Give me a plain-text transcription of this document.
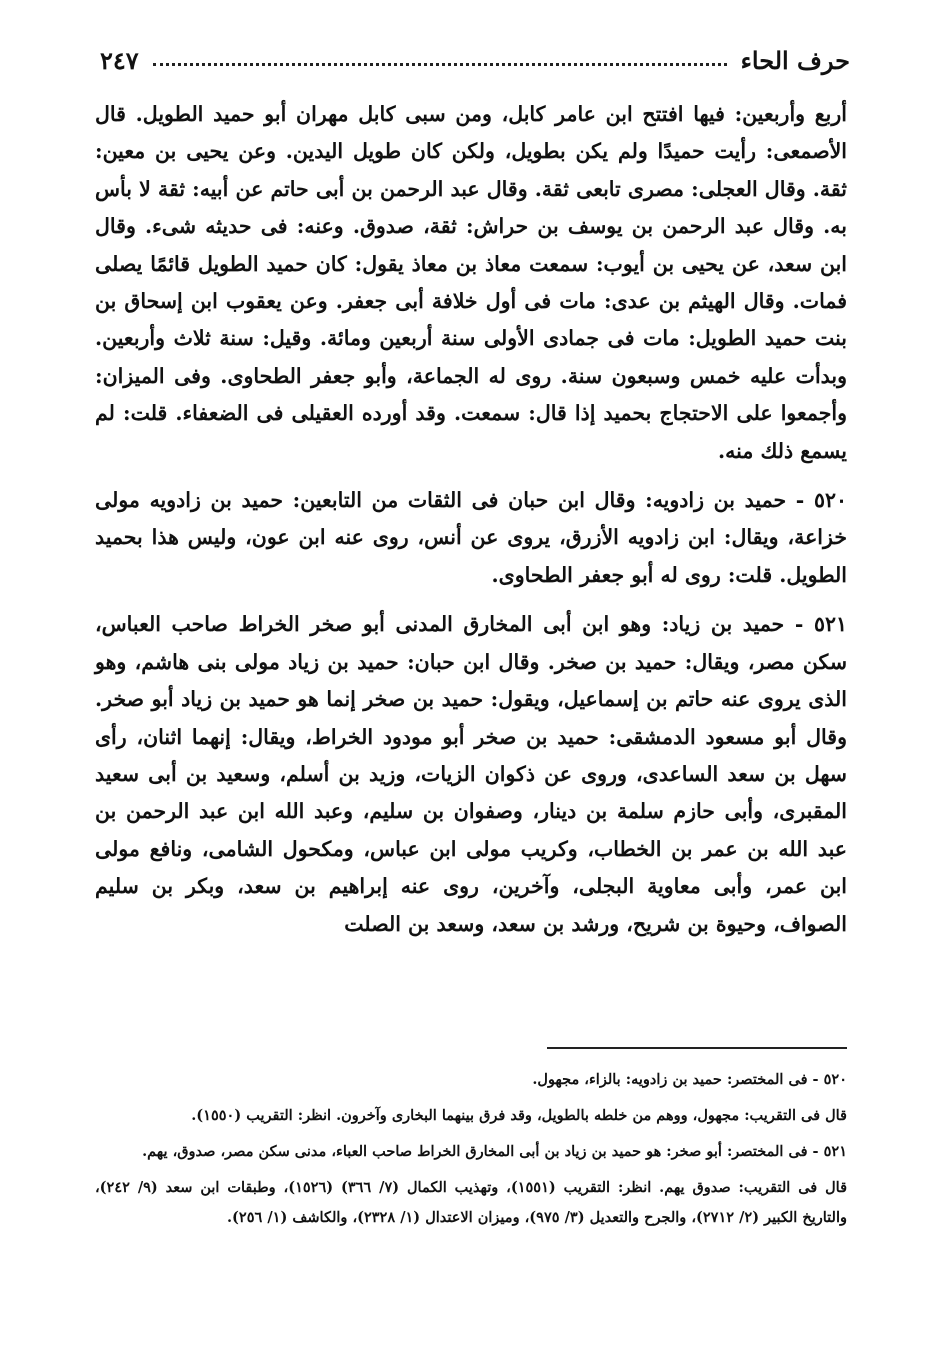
حرف الحاء
٢٤٧

أربع وأربعين: فيها افتتح ابن عامر كابل، ومن سبى كابل مهران أبو حميد الطويل. قال الأصمعى: رأيت حميدًا ولم يكن بطويل، ولكن كان طويل اليدين. وعن يحيى بن معين: ثقة. وقال العجلى: مصرى تابعى ثقة. وقال عبد الرحمن بن أبى حاتم عن أبيه: ثقة لا بأس به. وقال عبد الرحمن بن يوسف بن حراش: ثقة، صدوق. وعنه: فى حديثه شىء. وقال ابن سعد، عن يحيى بن أيوب: سمعت معاذ بن معاذ يقول: كان حميد الطويل قائمًا يصلى فمات. وقال الهيثم بن عدى: مات فى أول خلافة أبى جعفر. وعن يعقوب ابن إسحاق بن بنت حميد الطويل: مات فى جمادى الأولى سنة أربعين ومائة. وقيل: سنة ثلاث وأربعين. وبدأت عليه خمس وسبعون سنة. روى له الجماعة، وأبو جعفر الطحاوى. وفى الميزان: وأجمعوا على الاحتجاج بحميد إذا قال: سمعت. وقد أورده العقيلى فى الضعفاء. قلت: لم يسمع ذلك منه.

٥٢٠ - حميد بن زادويه: وقال ابن حبان فى الثقات من التابعين: حميد بن زادويه مولى خزاعة، ويقال: ابن زادويه الأزرق، يروى عن أنس، روى عنه ابن عون، وليس هذا بحميد الطويل. قلت: روى له أبو جعفر الطحاوى.

٥٢١ - حميد بن زياد: وهو ابن أبى المخارق المدنى أبو صخر الخراط صاحب العباس، سكن مصر، ويقال: حميد بن صخر. وقال ابن حبان: حميد بن زياد مولى بنى هاشم، وهو الذى يروى عنه حاتم بن إسماعيل، ويقول: حميد بن صخر إنما هو حميد بن زياد أبو صخر. وقال أبو مسعود الدمشقى: حميد بن صخر أبو مودود الخراط، ويقال: إنهما اثنان، رأى سهل بن سعد الساعدى، وروى عن ذكوان الزيات، وزيد بن أسلم، وسعيد بن أبى سعيد المقبرى، وأبى حازم سلمة بن دينار، وصفوان بن سليم، وعبد الله ابن عبد الرحمن بن عبد الله بن عمر بن الخطاب، وكريب مولى ابن عباس، ومكحول الشامى، ونافع مولى ابن عمر، وأبى معاوية البجلى، وآخرين، روى عنه إبراهيم بن سعد، وبكر بن سليم الصواف، وحيوة بن شريح، ورشد بن سعد، وسعد بن الصلت

٥٢٠ - فى المختصر: حميد بن زادويه: بالزاء، مجهول.

قال فى التقريب: مجهول، ووهم من خلطه بالطويل، وقد فرق بينهما البخارى وآخرون. انظر: التقريب (١٥٥٠).

٥٢١ - فى المختصر: أبو صخر: هو حميد بن زياد بن أبى المخارق الخراط صاحب العباء، مدنى سكن مصر، صدوق، يهم.

قال فى التقريب: صدوق يهم. انظر: التقريب (١٥٥١)، وتهذيب الكمال (٧/ ٣٦٦) (١٥٢٦)، وطبقات ابن سعد (٩/ ٢٤٢)، والتاريخ الكبير (٢/ ٢٧١٢)، والجرح والتعديل (٣/ ٩٧٥)، وميزان الاعتدال (١/ ٢٣٢٨)، والكاشف (١/ ٢٥٦).
